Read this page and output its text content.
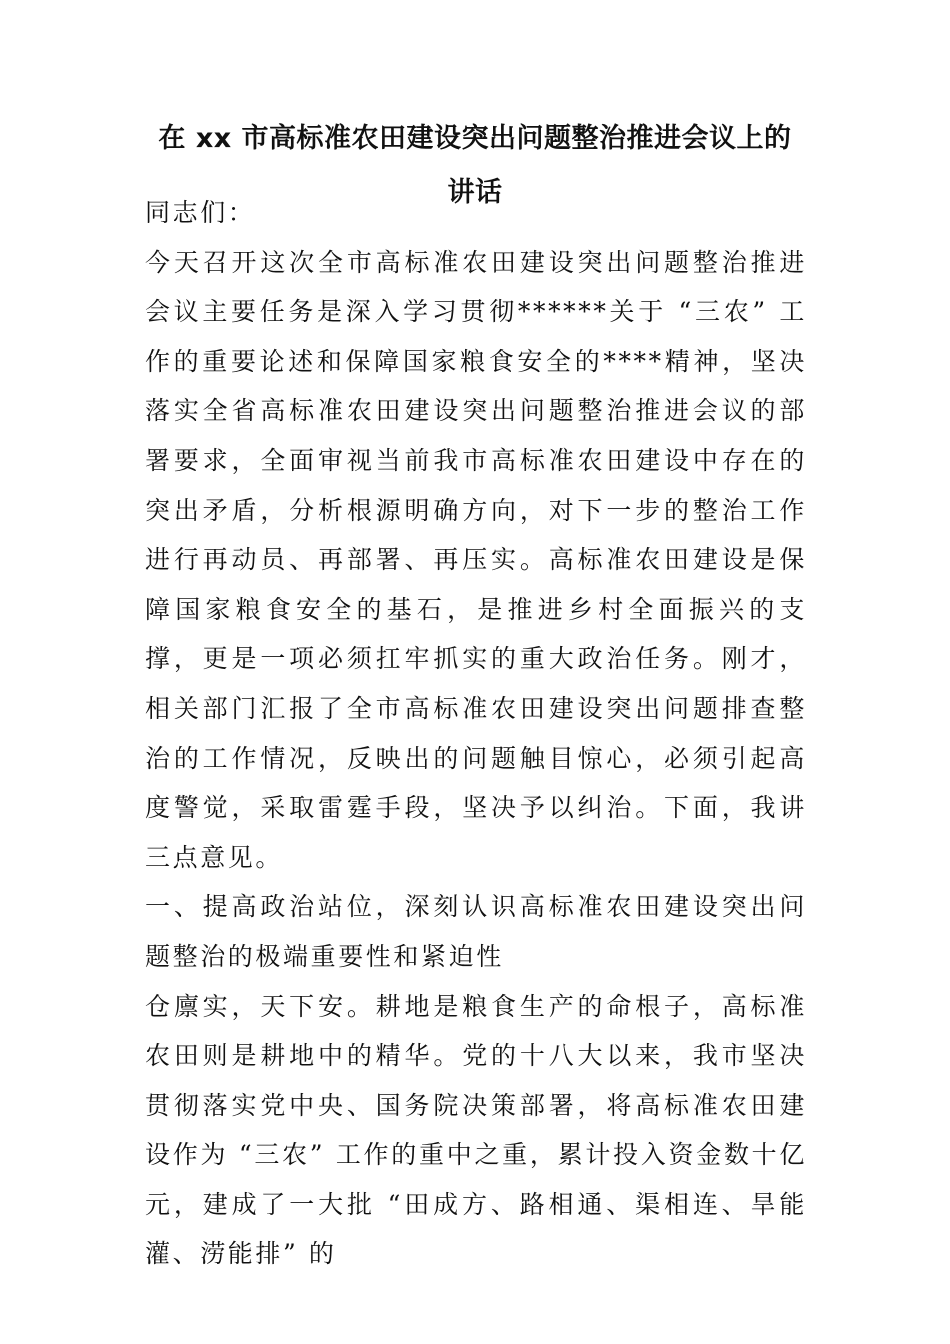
在 xx 市高标准农田建设突出问题整治推进会议上的讲话

同志们：

今天召开这次全市高标准农田建设突出问题整治推进会议主要任务是深入学习贯彻******关于 “三农” 工作的重要论述和保障国家粮食安全的****精神，坚决落实全省高标准农田建设突出问题整治推进会议的部署要求，全面审视当前我市高标准农田建设中存在的突出矛盾，分析根源明确方向，对下一步的整治工作进行再动员、再部署、再压实。高标准农田建设是保障国家粮食安全的基石，是推进乡村全面振兴的支撑，更是一项必须扛牢抓实的重大政治任务。刚才，相关部门汇报了全市高标准农田建设突出问题排查整治的工作情况，反映出的问题触目惊心，必须引起高度警觉，采取雷霆手段，坚决予以纠治。下面，我讲三点意见。

一、提高政治站位，深刻认识高标准农田建设突出问题整治的极端重要性和紧迫性

仓廪实，天下安。耕地是粮食生产的命根子，高标准农田则是耕地中的精华。党的十八大以来，我市坚决贯彻落实党中央、国务院决策部署，将高标准农田建设作为 “三农” 工作的重中之重，累计投入资金数十亿元，建成了一大批 “田成方、路相通、渠相连、旱能灌、涝能排” 的
